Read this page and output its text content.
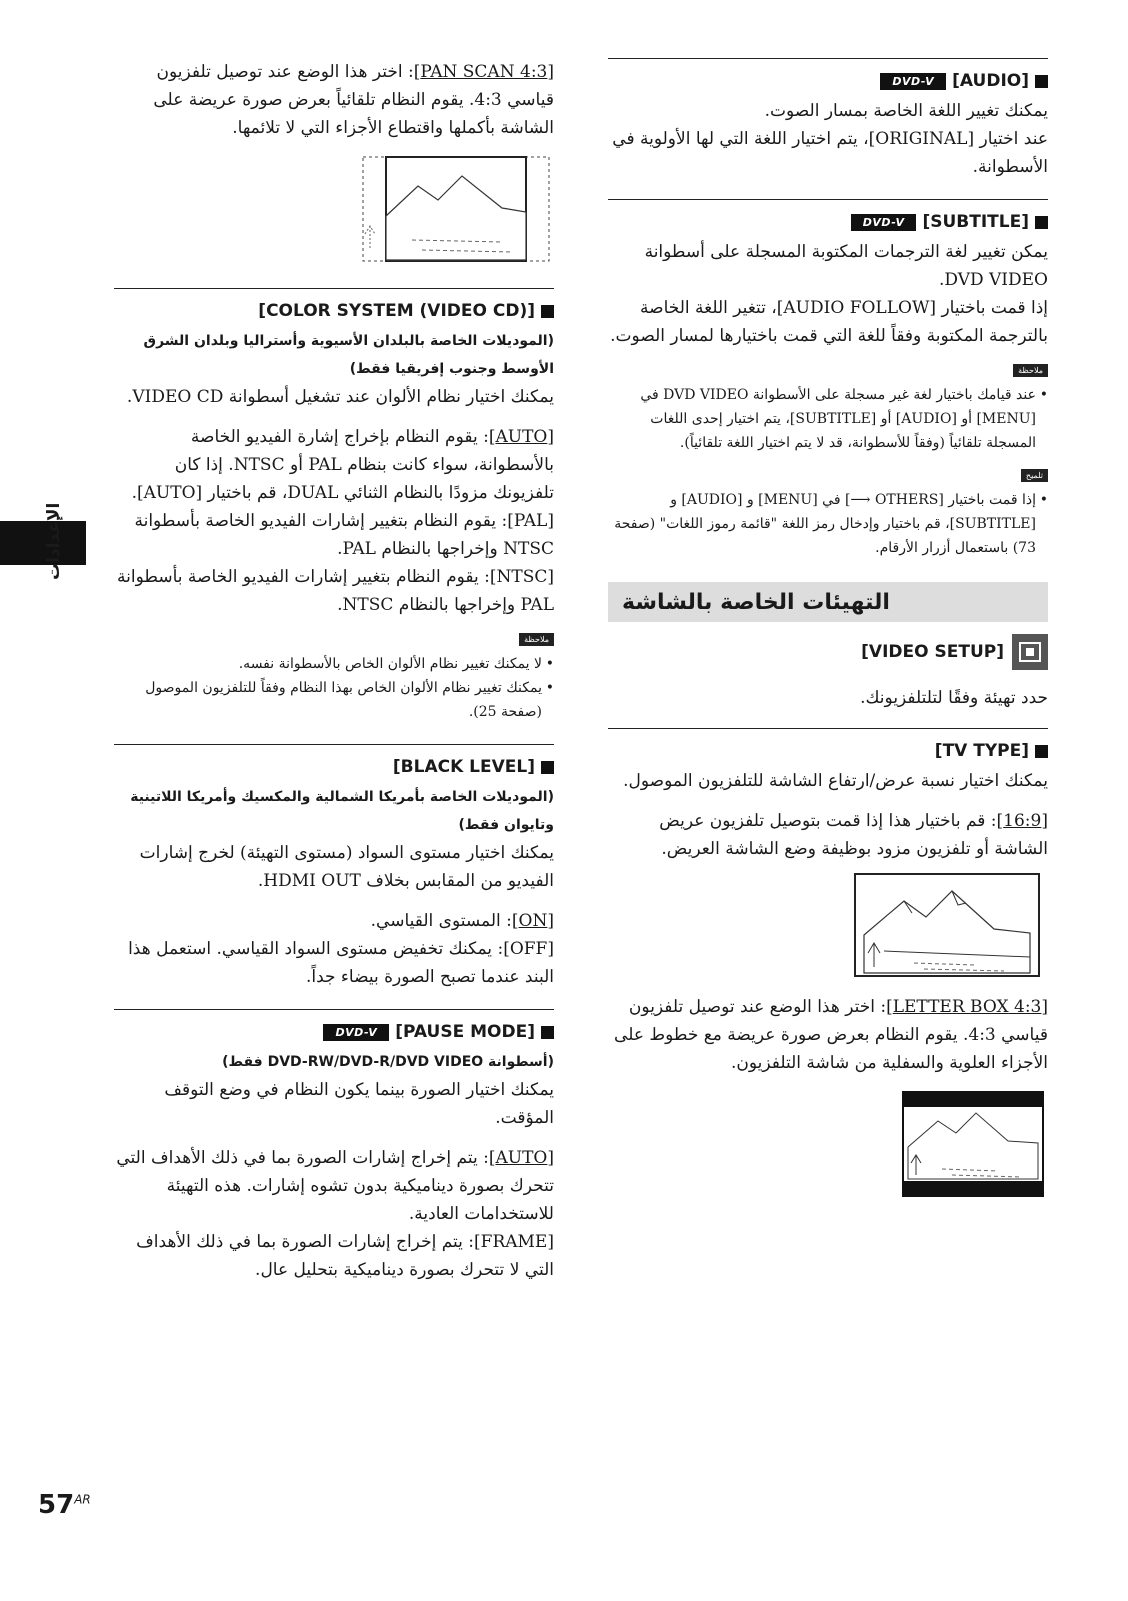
الإعدادات
[AUDIO]
DVD-V

يمكنك تغيير اللغة الخاصة بمسار الصوت.

عند اختيار [ORIGINAL]، يتم اختيار اللغة التي لها الأولوية في الأسطوانة.

[SUBTITLE]
DVD-V

يمكن تغيير لغة الترجمات المكتوبة المسجلة على أسطوانة DVD VIDEO.

إذا قمت باختيار [AUDIO FOLLOW]، تتغير اللغة الخاصة بالترجمة المكتوبة وفقاً للغة التي قمت باختيارها لمسار الصوت.

ملاحظة
• عند قيامك باختيار لغة غير مسجلة على الأسطوانة DVD VIDEO في [MENU] أو [AUDIO] أو [SUBTITLE]، يتم اختيار إحدى اللغات المسجلة تلقائياً (وفقاً للأسطوانة، قد لا يتم اختيار اللغة تلقائياً).
تلميح
• إذا قمت باختيار [OTHERS ⟶] في [MENU] و [AUDIO] و [SUBTITLE]، قم باختيار وإدخال رمز اللغة "قائمة رموز اللغات" (صفحة 73) باستعمال أزرار الأرقام.
التهيئات الخاصة بالشاشة
[VIDEO SETUP]

حدد تهيئة وفقًا لتلتلفزيونك.

[TV TYPE]

يمكنك اختيار نسبة عرض/ارتفاع الشاشة للتلفزيون الموصول.

[16:9]: قم باختيار هذا إذا قمت بتوصيل تلفزيون عريض الشاشة أو تلفزيون مزود بوظيفة وضع الشاشة العريض.

[4:3 LETTER BOX]: اختر هذا الوضع عند توصيل تلفزيون قياسي 4:3. يقوم النظام بعرض صورة عريضة مع خطوط على الأجزاء العلوية والسفلية من شاشة التلفزيون.

[4:3 PAN SCAN]: اختر هذا الوضع عند توصيل تلفزيون قياسي 4:3. يقوم النظام تلقائياً بعرض صورة عريضة على الشاشة بأكملها واقتطاع الأجزاء التي لا تلائمها.

[COLOR SYSTEM (VIDEO CD)]

(الموديلات الخاصة بالبلدان الأسيوية وأستراليا وبلدان الشرق الأوسط وجنوب إفريقيا فقط)

يمكنك اختيار نظام الألوان عند تشغيل أسطوانة VIDEO CD.

[AUTO]: يقوم النظام بإخراج إشارة الفيديو الخاصة بالأسطوانة، سواء كانت بنظام PAL أو NTSC. إذا كان تلفزيونك مزودًا بالنظام الثنائي DUAL، قم باختيار [AUTO].

[PAL]: يقوم النظام بتغيير إشارات الفيديو الخاصة بأسطوانة NTSC وإخراجها بالنظام PAL.

[NTSC]: يقوم النظام بتغيير إشارات الفيديو الخاصة بأسطوانة PAL وإخراجها بالنظام NTSC.

ملاحظة
• لا يمكنك تغيير نظام الألوان الخاص بالأسطوانة نفسه.
• يمكنك تغيير نظام الألوان الخاص بهذا النظام وفقاً للتلفزيون الموصول (صفحة 25).
[BLACK LEVEL]

(الموديلات الخاصة بأمريكا الشمالية والمكسيك وأمريكا اللاتينية وتايوان فقط)

يمكنك اختيار مستوى السواد (مستوى التهيئة) لخرج إشارات الفيديو من المقابس بخلاف HDMI OUT.

[ON]: المستوى القياسي.

[OFF]: يمكنك تخفيض مستوى السواد القياسي. استعمل هذا البند عندما تصبح الصورة بيضاء جداً.

[PAUSE MODE]
DVD-V

(أسطوانة DVD-RW/DVD-R/DVD VIDEO فقط)

يمكنك اختيار الصورة بينما يكون النظام في وضع التوقف المؤقت.

[AUTO]: يتم إخراج إشارات الصورة بما في ذلك الأهداف التي تتحرك بصورة ديناميكية بدون تشوه إشارات. هذه التهيئة للاستخدامات العادية.

[FRAME]: يتم إخراج إشارات الصورة بما في ذلك الأهداف التي لا تتحرك بصورة ديناميكية بتحليل عال.

$57^{AR}$
